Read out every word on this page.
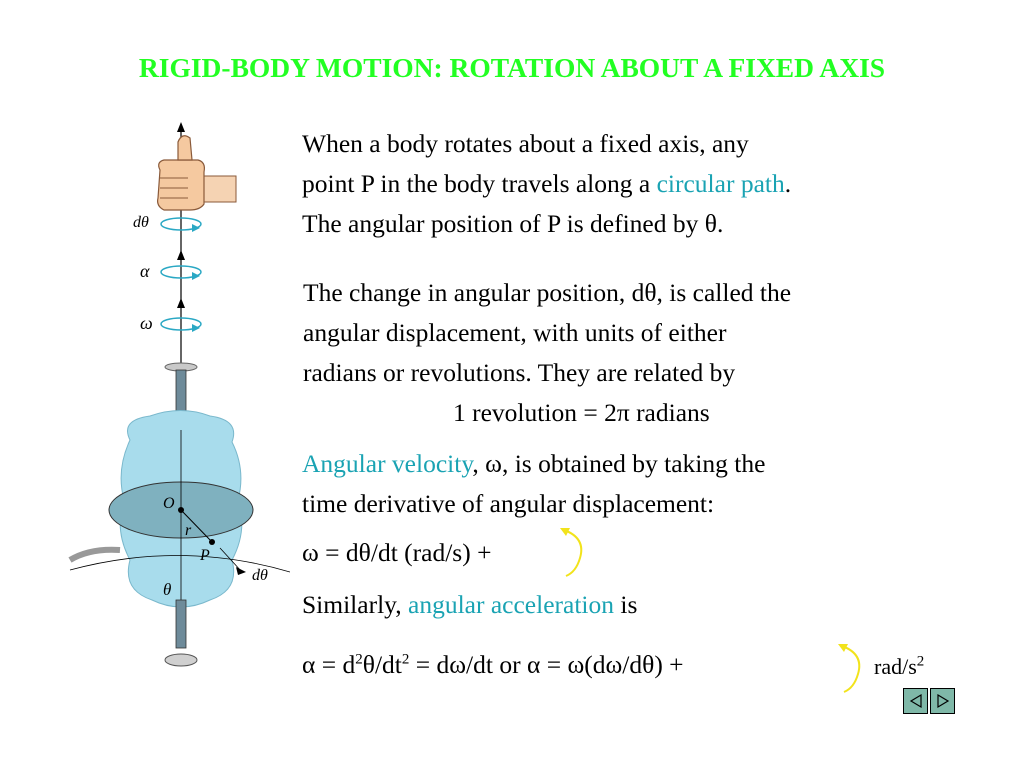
RIGID-BODY MOTION: ROTATION ABOUT A FIXED AXIS
dθ
α
ω
O
r
P
θ
dθ
When a body rotates about a fixed axis, any
point P in the body travels along a circular path.
The angular position of P is defined by θ.
The change in angular position, dθ, is called the
angular displacement, with units of either
radians or revolutions. They are related by
1 revolution = 2π radians
Angular velocity, ω, is obtained by taking the
time derivative of angular displacement:
ω = dθ/dt (rad/s) +
Similarly, angular acceleration is
$\alpha = d^2\theta/dt^2 = d\omega/dt$ or α = ω(dω/dθ) +	rad/$s^2$
